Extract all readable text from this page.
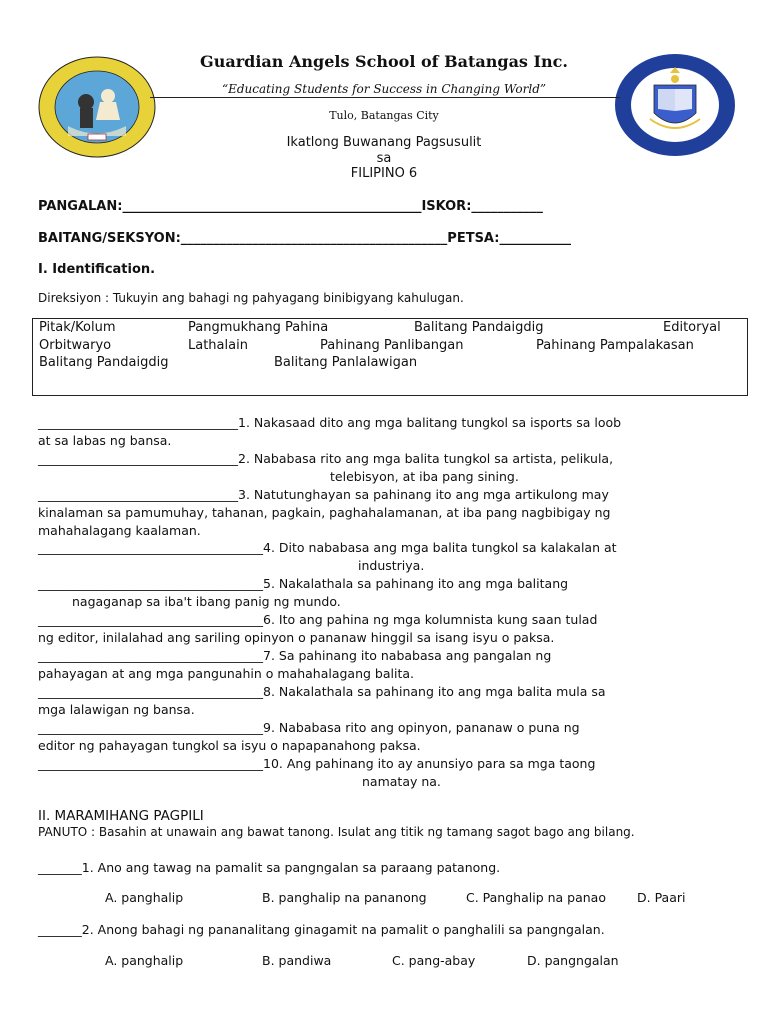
Guardian Angels School of Batangas Inc.
“Educating Students for Success in Changing World”
Tulo, Batangas City
Ikatlong Buwanang Pagsusulit
sa
FILIPINO 6
PANGALAN:______________________________________________ISKOR:___________
BAITANG/SEKSYON:_________________________________________PETSA:___________
I. Identification.
Direksiyon : Tukuyin ang bahagi ng pahyagang binibigyang kahulugan.
Pitak/Kolum	Pangmukhang Pahina	Balitang Pandaigdig	Editoryal
Orbitwaryo	Lathalain	Pahinang Panlibangan	Pahinang Pampalakasan
Balitang Pandaigdig	Balitang Panlalawigan
________________________________1. Nakasaad dito ang mga balitang tungkol sa isports sa loob
at sa labas ng bansa.
________________________________2. Nababasa rito ang mga balita tungkol sa artista, pelikula,
telebisyon, at iba pang sining.
________________________________3. Natutunghayan sa pahinang ito ang mga artikulong may
kinalaman sa pamumuhay, tahanan, pagkain, paghahalamanan, at iba pang nagbibigay ng
mahahalagang kaalaman.
____________________________________4. Dito nababasa ang mga balita tungkol sa kalakalan at
industriya.
____________________________________5. Nakalathala sa pahinang ito ang mga balitang
nagaganap sa iba't ibang panig ng mundo.
____________________________________6. Ito ang pahina ng mga kolumnista kung saan tulad
ng editor, inilalahad ang sariling opinyon o pananaw hinggil sa isang isyu o paksa.
____________________________________7. Sa pahinang ito nababasa ang pangalan ng
pahayagan at ang mga pangunahin o mahahalagang balita.
____________________________________8. Nakalathala sa pahinang ito ang mga balita mula sa
mga lalawigan ng bansa.
____________________________________9. Nababasa rito ang opinyon, pananaw o puna ng
editor ng pahayagan tungkol sa isyu o napapanahong paksa.
____________________________________10. Ang pahinang ito ay anunsiyo para sa mga taong
namatay na.
II. MARAMIHANG PAGPILI
PANUTO : Basahin at unawain ang bawat tanong. Isulat ang titik ng tamang sagot bago ang bilang.
_______1. Ano ang tawag na pamalit sa pangngalan sa paraang patanong.
A. panghalip	B. panghalip na pananong	C. Panghalip na panao D. Paari
_______2. Anong bahagi ng pananalitang ginagamit na pamalit o panghalili sa pangngalan.
A. panghalip	B. pandiwa	C. pang-abay	D. pangngalan
